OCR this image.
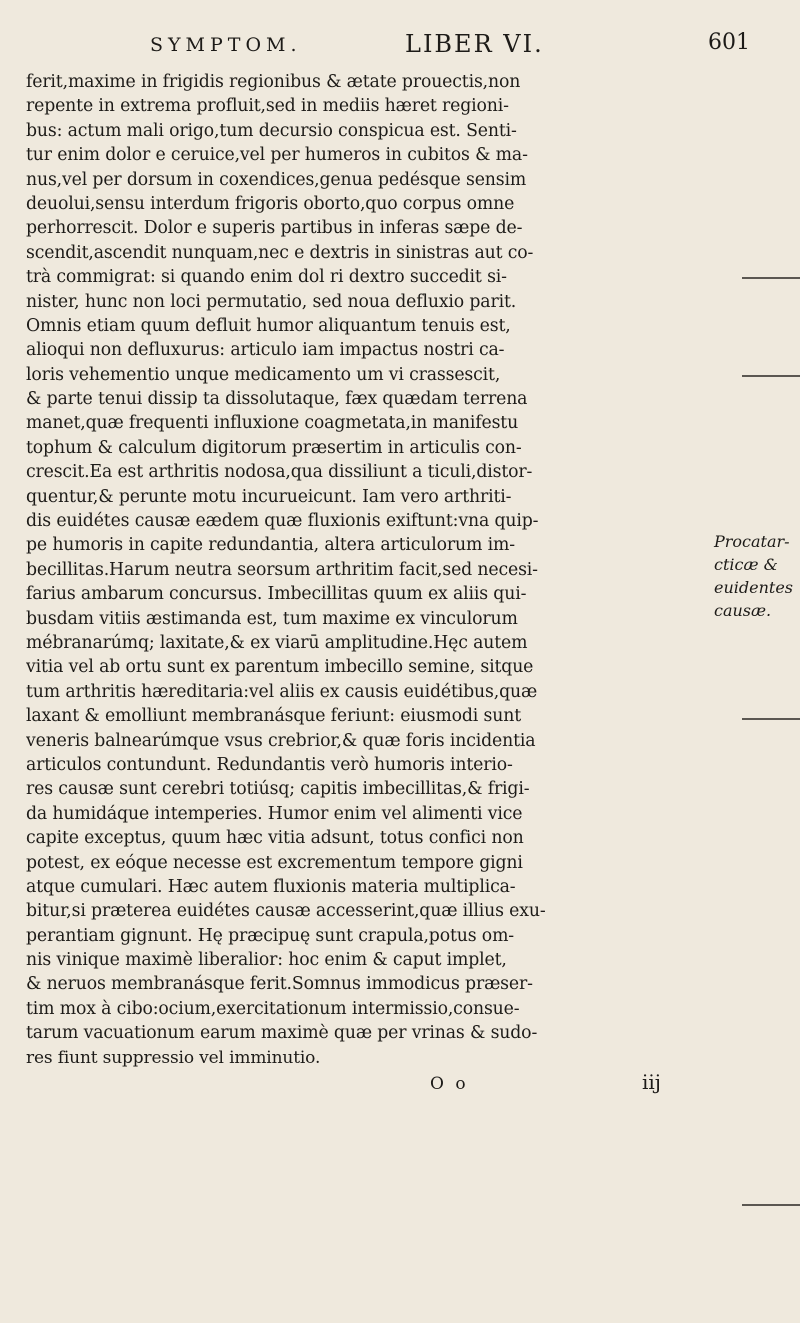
SYMPTOM.	LIBER VI.	601
ferit,maxime in frigidis regionibus & ætate prouectis,non
repente in extrema profluit,sed in mediis hæret regioni-
bus: actum mali origo,tum decursio conspicua est. Senti-
tur enim dolor e ceruice,vel per humeros in cubitos & ma-
nus,vel per dorsum in coxendices,genua pedésque sensim
deuolui,sensu interdum frigoris oborto,quo corpus omne
perhorrescit. Dolor e superis partibus in inferas sæpe de-
scendit,ascendit nunquam,nec e dextris in sinistras aut co-
trà commigrat: si quando enim dol ri dextro succedit si-
nister, hunc non loci permutatio, sed noua defluxio parit.
Omnis etiam quum defluit humor aliquantum tenuis est,
alioqui non defluxurus: articulo iam impactus nostri ca-
loris vehementio unque medicamento um vi crassescit,
& parte tenui dissip ta dissolutaque, fæx quædam terrena
manet,quæ frequenti influxione coagmetata,in manifestu
tophum & calculum digitorum præsertim in articulis con-
crescit.Ea est arthritis nodosa,qua dissiliunt a ticuli,distor-
quentur,& perunte motu incurueicunt. Iam vero arthriti-
dis euidétes causæ eædem quæ fluxionis exiftunt:vna quip-
pe humoris in capite redundantia, altera articulorum im-
becillitas.Harum neutra seorsum arthritim facit,sed necesi-
farius ambarum concursus. Imbecillitas quum ex aliis qui-
busdam vitiis æstimanda est, tum maxime ex vinculorum
mébranarúmq; laxitate,& ex viarū amplitudine.Hęc autem
vitia vel ab ortu sunt ex parentum imbecillo semine, sitque
tum arthritis hæreditaria:vel aliis ex causis euidétibus,quæ
laxant & emolliunt membranásque feriunt: eiusmodi sunt
veneris balnearúmque vsus crebrior,& quæ foris incidentia
articulos contundunt. Redundantis verò humoris interio-
res causæ sunt cerebri totiúsq; capitis imbecillitas,& frigi-
da humidáque intemperies. Humor enim vel alimenti vice
capite exceptus, quum hæc vitia adsunt, totus confici non
potest, ex eóque necesse est excrementum tempore gigni
atque cumulari. Hæc autem fluxionis materia multiplica-
bitur,si præterea euidétes causæ accesserint,quæ illius exu-
perantiam gignunt. Hę præcipuę sunt crapula,potus om-
nis vinique maximè liberalior: hoc enim & caput implet,
& neruos membranásque ferit.Somnus immodicus præser-
tim mox à cibo:ocium,exercitationum intermissio,consue-
tarum vacuationum earum maximè quæ per vrinas & sudo-
res fiunt suppressio vel imminutio.
Procatar-
cticæ &
euidentes
causæ.
O o	iij
